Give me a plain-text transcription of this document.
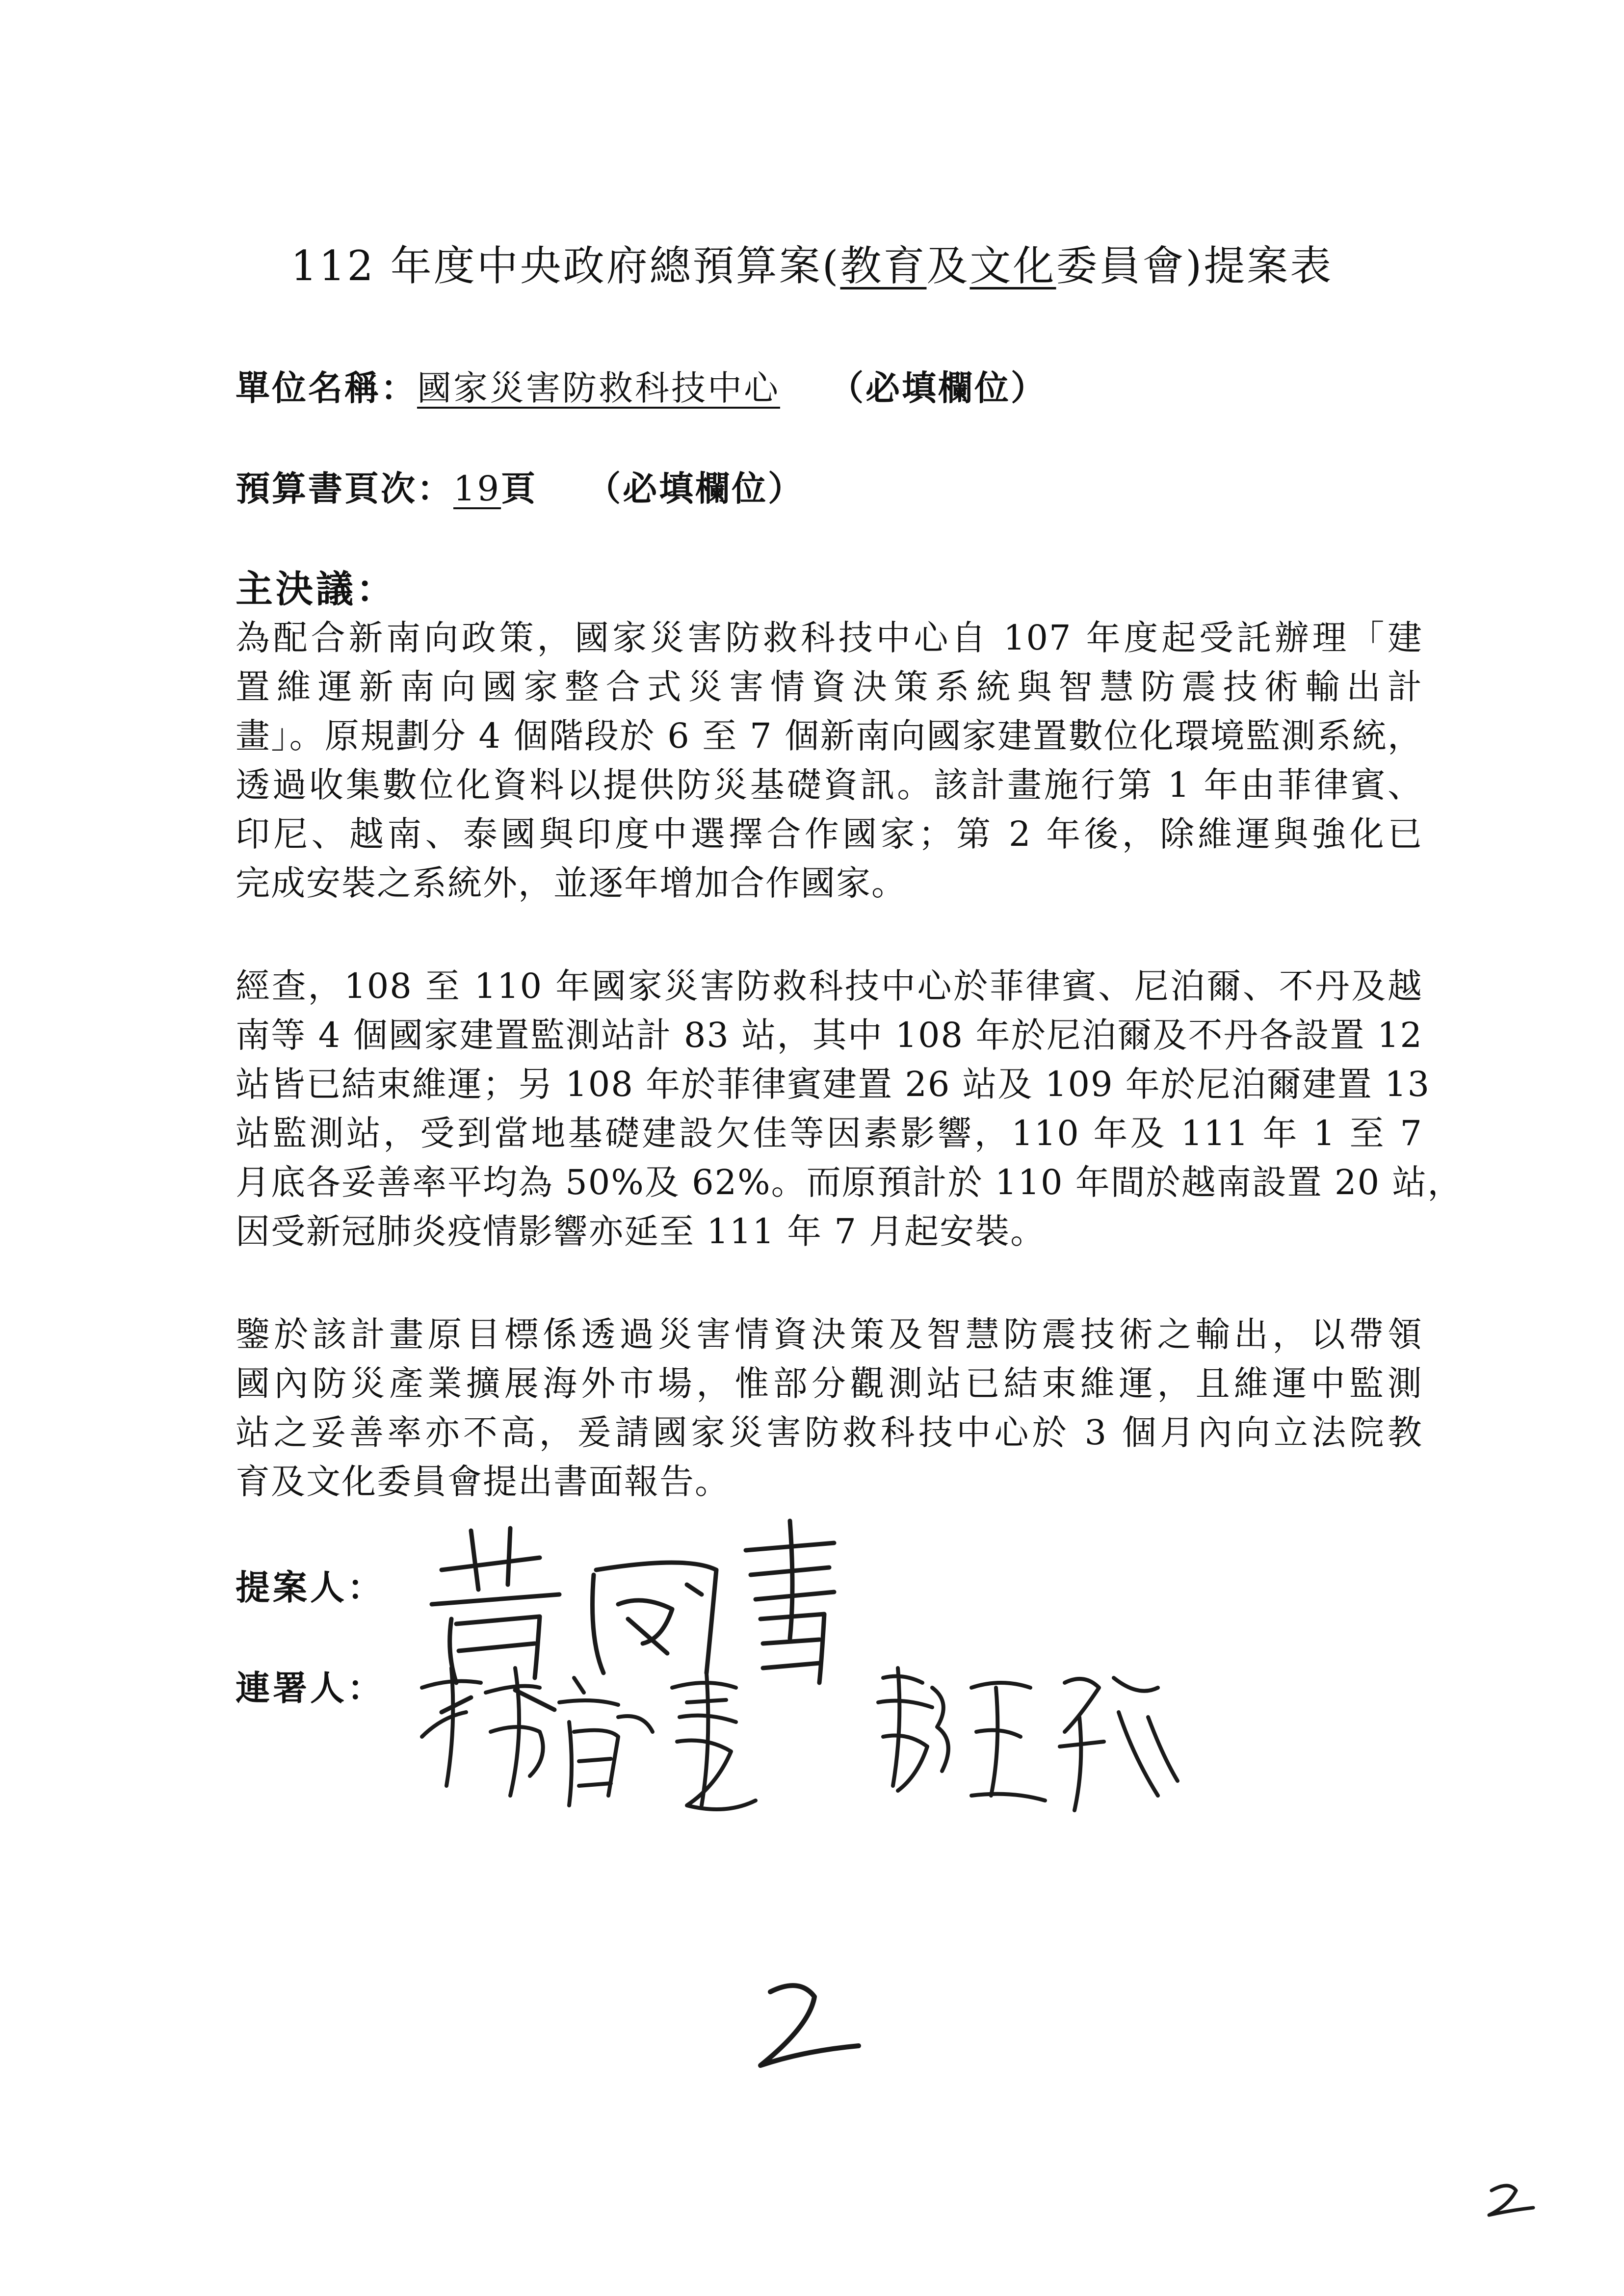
112 年度中央政府總預算案(教育及文化委員會)提案表
單位名稱：國家災害防救科技中心 （必填欄位）
預算書頁次：19頁 （必填欄位）
主決議：
為配合新南向政策，國家災害防救科技中心自 107 年度起受託辦理「建
置維運新南向國家整合式災害情資決策系統與智慧防震技術輸出計
畫」。原規劃分 4 個階段於 6 至 7 個新南向國家建置數位化環境監測系統，
透過收集數位化資料以提供防災基礎資訊。該計畫施行第 1 年由菲律賓、
印尼、越南、泰國與印度中選擇合作國家；第 2 年後，除維運與強化已
完成安裝之系統外，並逐年增加合作國家。
經查，108 至 110 年國家災害防救科技中心於菲律賓、尼泊爾、不丹及越
南等 4 個國家建置監測站計 83 站，其中 108 年於尼泊爾及不丹各設置 12
站皆已結束維運；另 108 年於菲律賓建置 26 站及 109 年於尼泊爾建置 13
站監測站，受到當地基礎建設欠佳等因素影響，110 年及 111 年 1 至 7
月底各妥善率平均為 50%及 62%。而原預計於 110 年間於越南設置 20 站，
因受新冠肺炎疫情影響亦延至 111 年 7 月起安裝。
鑒於該計畫原目標係透過災害情資決策及智慧防震技術之輸出，以帶領
國內防災產業擴展海外市場，惟部分觀測站已結束維運，且維運中監測
站之妥善率亦不高，爰請國家災害防救科技中心於 3 個月內向立法院教
育及文化委員會提出書面報告。
提案人：
連署人：
